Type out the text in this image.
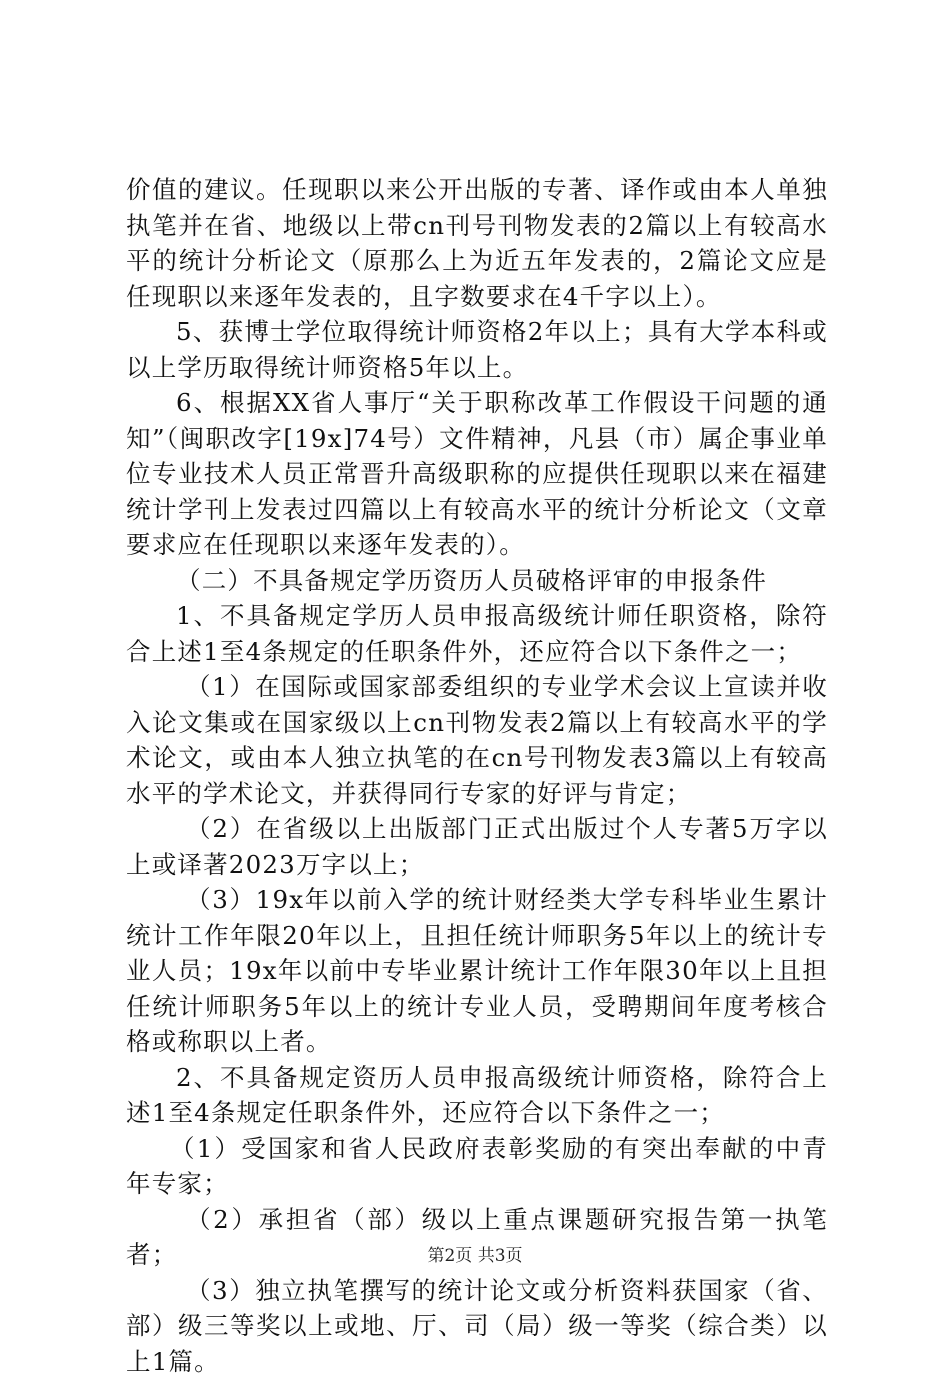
价值的建议。任现职以来公开出版的专著、译作或由本人单独执笔并在省、地级以上带cn刊号刊物发表的2篇以上有较高水平的统计分析论文（原那么上为近五年发表的，2篇论文应是任现职以来逐年发表的，且字数要求在4千字以上）。

5、获博士学位取得统计师资格2年以上；具有大学本科或以上学历取得统计师资格5年以上。

6、根据XX省人事厅“关于职称改革工作假设干问题的通知”（闽职改字[19x]74号）文件精神，凡县（市）属企事业单位专业技术人员正常晋升高级职称的应提供任现职以来在福建统计学刊上发表过四篇以上有较高水平的统计分析论文（文章要求应在任现职以来逐年发表的）。

（二）不具备规定学历资历人员破格评审的申报条件

1、不具备规定学历人员申报高级统计师任职资格，除符合上述1至4条规定的任职条件外，还应符合以下条件之一；

（1）在国际或国家部委组织的专业学术会议上宣读并收入论文集或在国家级以上cn刊物发表2篇以上有较高水平的学术论文，或由本人独立执笔的在cn号刊物发表3篇以上有较高水平的学术论文，并获得同行专家的好评与肯定；

（2）在省级以上出版部门正式出版过个人专著5万字以上或译著2023万字以上；

（3）19x年以前入学的统计财经类大学专科毕业生累计统计工作年限20年以上，且担任统计师职务5年以上的统计专业人员；19x年以前中专毕业累计统计工作年限30年以上且担任统计师职务5年以上的统计专业人员，受聘期间年度考核合格或称职以上者。

2、不具备规定资历人员申报高级统计师资格，除符合上述1至4条规定任职条件外，还应符合以下条件之一；

（1）受国家和省人民政府表彰奖励的有突出奉献的中青年专家；

（2）承担省（部）级以上重点课题研究报告第一执笔者；

（3）独立执笔撰写的统计论文或分析资料获国家（省、部）级三等奖以上或地、厅、司（局）级一等奖（综合类）以上1篇。

第2页 共3页
